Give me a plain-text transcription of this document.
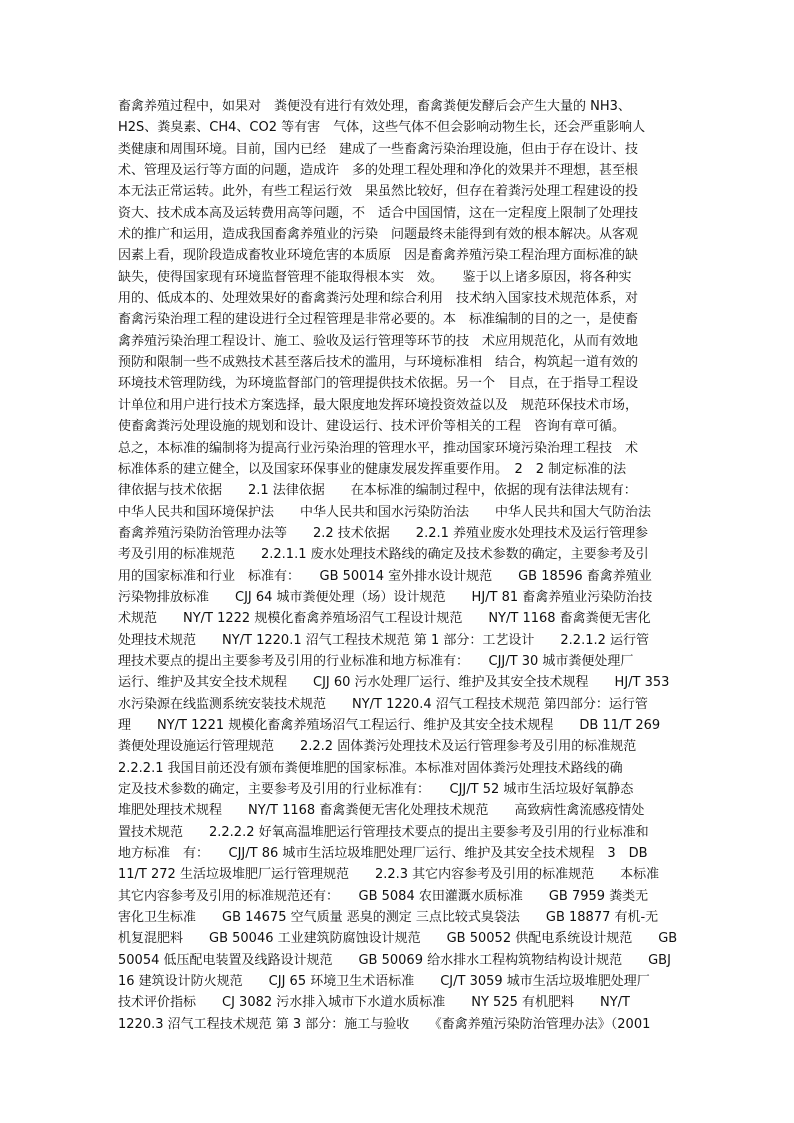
畜禽养殖过程中，如果对　粪便没有进行有效处理，畜禽粪便发酵后会产生大量的 NH3、
H2S、粪臭素、CH4、CO2 等有害　气体，这些气体不但会影响动物生长，还会严重影响人
类健康和周围环境。目前，国内已经　建成了一些畜禽污染治理设施，但由于存在设计、技
术、管理及运行等方面的问题，造成许　多的处理工程处理和净化的效果并不理想，甚至根
本无法正常运转。此外，有些工程运行效　果虽然比较好，但存在着粪污处理工程建设的投
资大、技术成本高及运转费用高等问题，不　适合中国国情，这在一定程度上限制了处理技
术的推广和运用，造成我国畜禽养殖业的污染　问题最终未能得到有效的根本解决。从客观
因素上看，现阶段造成畜牧业环境危害的本质原　因是畜禽养殖污染工程治理方面标准的缺
缺失，使得国家现有环境监督管理不能取得根本实　效。　　鉴于以上诸多原因，将各种实
用的、低成本的、处理效果好的畜禽粪污处理和综合利用　技术纳入国家技术规范体系，对
畜禽污染治理工程的建设进行全过程管理是非常必要的。本　标准编制的目的之一，是使畜
禽养殖污染治理工程设计、施工、验收及运行管理等环节的技　术应用规范化，从而有效地
预防和限制一些不成熟技术甚至落后技术的滥用，与环境标准相　结合，构筑起一道有效的
环境技术管理防线，为环境监督部门的管理提供技术依据。另一个　目点，在于指导工程设
计单位和用户进行技术方案选择，最大限度地发挥环境投资效益以及　规范环保技术市场，
使畜禽粪污处理设施的规划和设计、建设运行、技术评价等相关的工程　咨询有章可循。
总之，本标准的编制将为提高行业污染治理的管理水平，推动国家环境污染治理工程技　术
标准体系的建立健全，以及国家环保事业的健康发展发挥重要作用。　2　2 制定标准的法
律依据与技术依据　　2.1 法律依据　　在本标准的编制过程中，依据的现有法律法规有：
中华人民共和国环境保护法　　中华人民共和国水污染防治法　　中华人民共和国大气防治法
畜禽养殖污染防治管理办法等　　2.2 技术依据　　2.2.1 养殖业废水处理技术及运行管理参
考及引用的标准规范　　2.2.1.1 废水处理技术路线的确定及技术参数的确定，主要参考及引
用的国家标准和行业　标准有：　　GB 50014 室外排水设计规范　　GB 18596 畜禽养殖业
污染物排放标准　　CJJ 64 城市粪便处理（场）设计规范　　HJ/T 81 畜禽养殖业污染防治技
术规范　　NY/T 1222 规模化畜禽养殖场沼气工程设计规范　　NY/T 1168 畜禽粪便无害化
处理技术规范　　NY/T 1220.1 沼气工程技术规范 第 1 部分：工艺设计　　2.2.1.2 运行管
理技术要点的提出主要参考及引用的行业标准和地方标准有：　　CJJ/T 30 城市粪便处理厂
运行、维护及其安全技术规程　　CJJ 60 污水处理厂运行、维护及其安全技术规程　　HJ/T 353
水污染源在线监测系统安装技术规范　　NY/T 1220.4 沼气工程技术规范 第四部分：运行管
理　　NY/T 1221 规模化畜禽养殖场沼气工程运行、维护及其安全技术规程　　DB 11/T 269
粪便处理设施运行管理规范　　2.2.2 固体粪污处理技术及运行管理参考及引用的标准规范
2.2.2.1 我国目前还没有颁布粪便堆肥的国家标准。本标准对固体粪污处理技术路线的确
定及技术参数的确定，主要参考及引用的行业标准有：　　CJJ/T 52 城市生活垃圾好氧静态
堆肥处理技术规程　　NY/T 1168 畜禽粪便无害化处理技术规范　　高致病性禽流感疫情处
置技术规范　　2.2.2.2 好氧高温堆肥运行管理技术要点的提出主要参考及引用的行业标准和
地方标准　有：　　CJJ/T 86 城市生活垃圾堆肥处理厂运行、维护及其安全技术规程　3　DB
11/T 272 生活垃圾堆肥厂运行管理规范　　2.2.3 其它内容参考及引用的标准规范　　本标准
其它内容参考及引用的标准规范还有：　　GB 5084 农田灌溉水质标准　　GB 7959 粪类无
害化卫生标准　　GB 14675 空气质量 恶臭的测定 三点比较式臭袋法　　GB 18877 有机-无
机复混肥料　　GB 50046 工业建筑防腐蚀设计规范　　GB 50052 供配电系统设计规范　　GB
50054 低压配电装置及线路设计规范　　GB 50069 给水排水工程构筑物结构设计规范　　GBJ
16 建筑设计防火规范　　CJJ 65 环境卫生术语标准　　CJ/T 3059 城市生活垃圾堆肥处理厂
技术评价指标　　CJ 3082 污水排入城市下水道水质标准　　NY 525 有机肥料　　NY/T
1220.3 沼气工程技术规范 第 3 部分：施工与验收　　《畜禽养殖污染防治管理办法》（2001
